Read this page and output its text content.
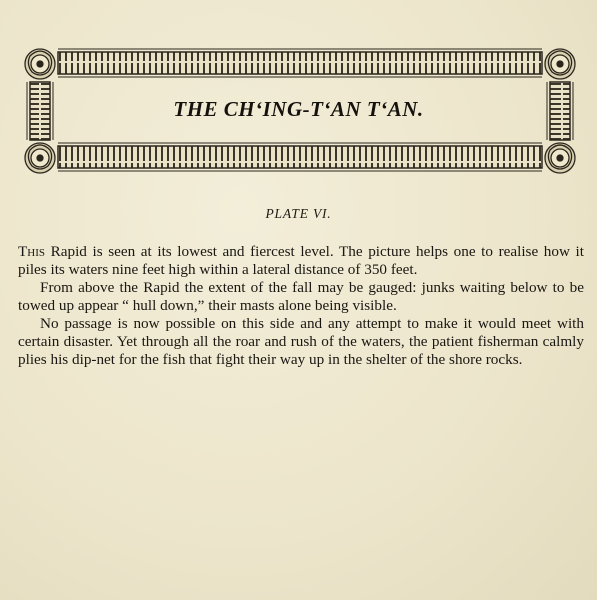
THE CH‘ING-T‘AN T‘AN.
PLATE VI.

This Rapid is seen at its lowest and fiercest level. The picture helps one to realise how it piles its waters nine feet high within a lateral distance of 350 feet.

From above the Rapid the extent of the fall may be gauged: junks waiting below to be towed up appear “ hull down,” their masts alone being visible.

No passage is now possible on this side and any attempt to make it would meet with certain disaster. Yet through all the roar and rush of the waters, the patient fisherman calmly plies his dip-net for the fish that fight their way up in the shelter of the shore rocks.
